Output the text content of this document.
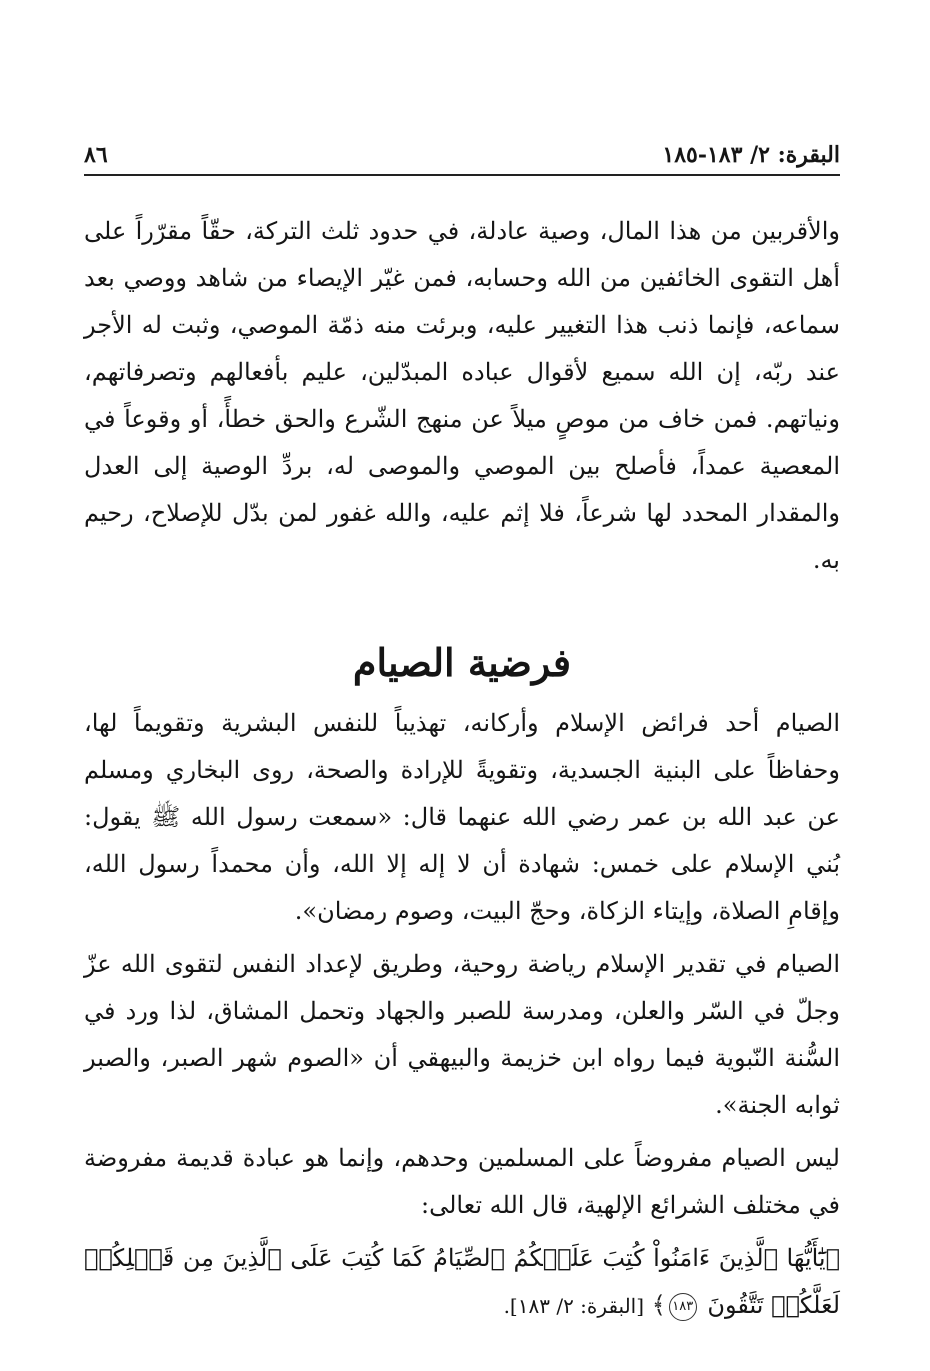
البقرة: ٢/ ١٨٣-١٨٥
٨٦

والأقربين من هذا المال، وصية عادلة، في حدود ثلث التركة، حقّاً مقرّراً على أهل التقوى الخائفين من الله وحسابه، فمن غيّر الإيصاء من شاهد ووصي بعد سماعه، فإنما ذنب هذا التغيير عليه، وبرئت منه ذمّة الموصي، وثبت له الأجر عند ربّه، إن الله سميع لأقوال عباده المبدّلين، عليم بأفعالهم وتصرفاتهم، ونياتهم. فمن خاف من موصٍ ميلاً عن منهج الشّرع والحق خطأً، أو وقوعاً في المعصية عمداً، فأصلح بين الموصي والموصى له، بردِّ الوصية إلى العدل والمقدار المحدد لها شرعاً، فلا إثم عليه، والله غفور لمن بدّل للإصلاح، رحيم به.

فرضية الصيام

الصيام أحد فرائض الإسلام وأركانه، تهذيباً للنفس البشرية وتقويماً لها، وحفاظاً على البنية الجسدية، وتقويةً للإرادة والصحة، روى البخاري ومسلم عن عبد الله بن عمر رضي الله عنهما قال: «سمعت رسول الله ﷺ يقول: بُني الإسلام على خمس: شهادة أن لا إله إلا الله، وأن محمداً رسول الله، وإقامِ الصلاة، وإيتاء الزكاة، وحجّ البيت، وصوم رمضان».

الصيام في تقدير الإسلام رياضة روحية، وطريق لإعداد النفس لتقوى الله عزّ وجلّ في السّر والعلن، ومدرسة للصبر والجهاد وتحمل المشاق، لذا ورد في السُّنة النّبوية فيما رواه ابن خزيمة والبيهقي أن «الصوم شهر الصبر، والصبر ثوابه الجنة».

ليس الصيام مفروضاً على المسلمين وحدهم، وإنما هو عبادة قديمة مفروضة في مختلف الشرائع الإلهية، قال الله تعالى:

﴿يَٰٓأَيُّهَا ٱلَّذِينَ ءَامَنُواْ كُتِبَ عَلَيۡكُمُ ٱلصِّيَامُ كَمَا كُتِبَ عَلَى ٱلَّذِينَ مِن قَبۡلِكُمۡ لَعَلَّكُمۡ تَتَّقُونَ ١٨٣﴾ [البقرة: ٢/ ١٨٣].
